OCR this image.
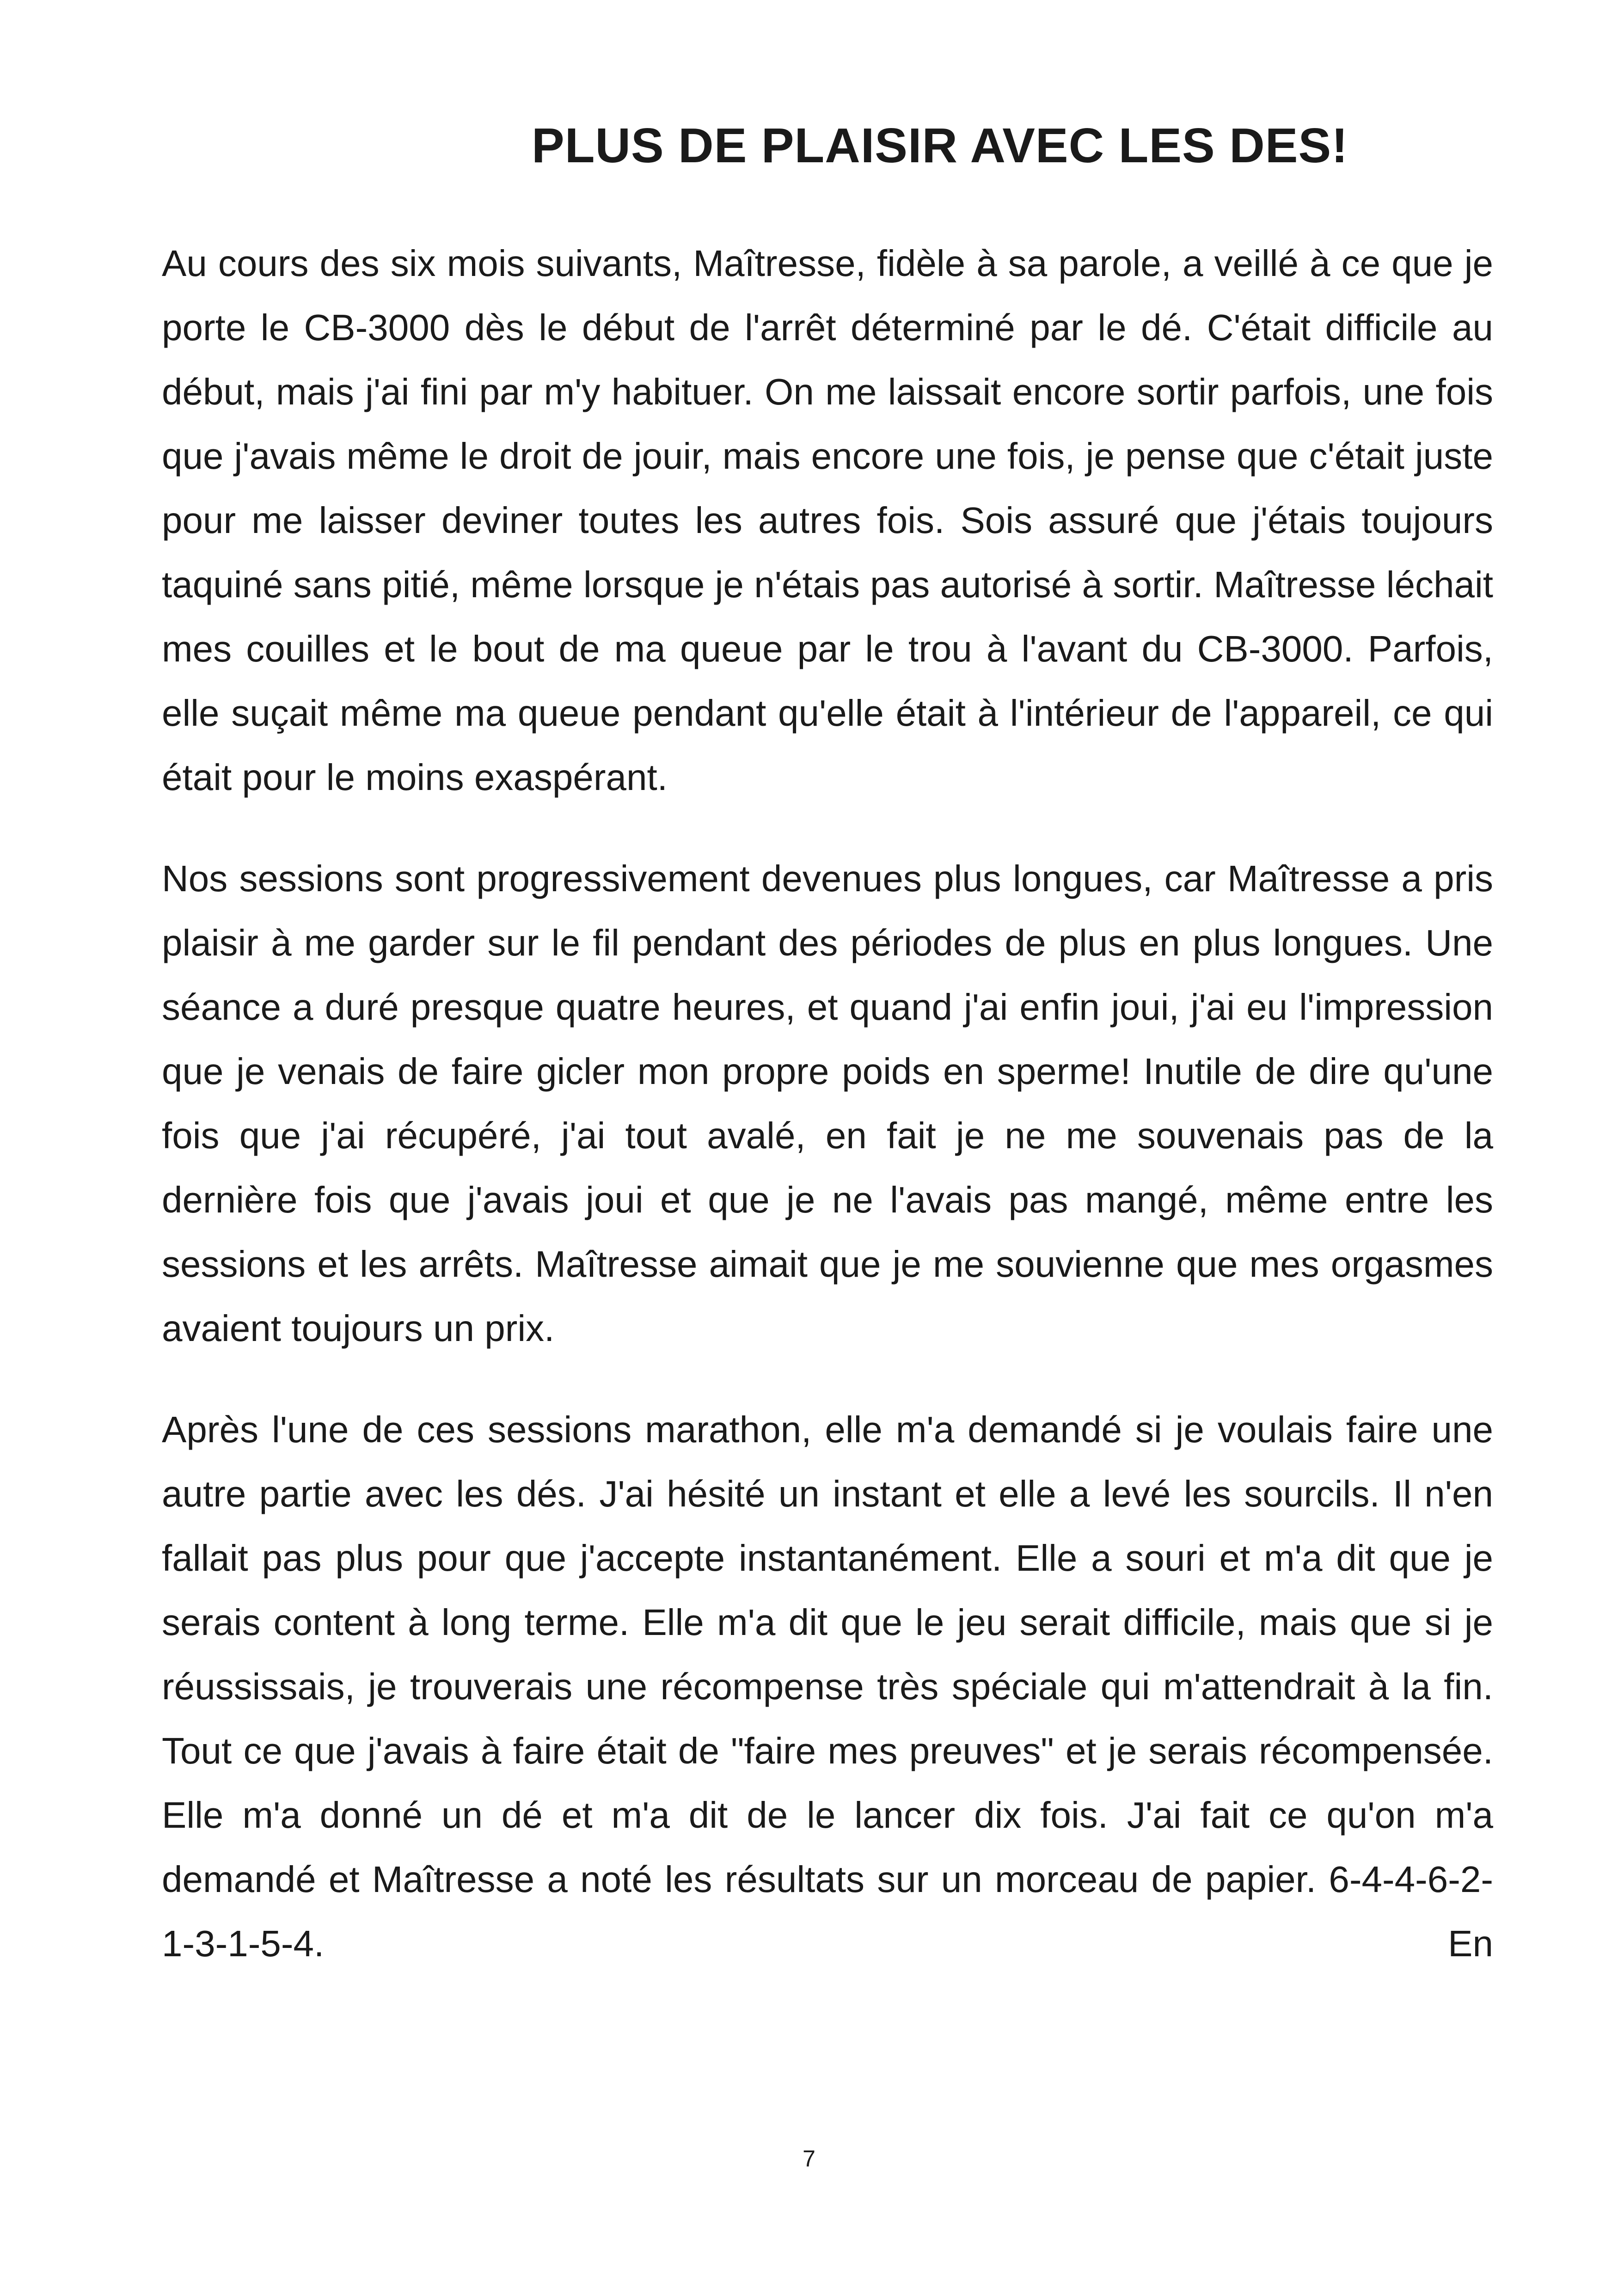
PLUS DE PLAISIR AVEC LES DES!

Au cours des six mois suivants, Maîtresse, fidèle à sa parole, a veillé à ce que je porte le CB-3000 dès le début de l'arrêt déterminé par le dé. C'était difficile au début, mais j'ai fini par m'y habituer. On me laissait encore sortir parfois, une fois que j'avais même le droit de jouir, mais encore une fois, je pense que c'était juste pour me laisser deviner toutes les autres fois. Sois assuré que j'étais toujours taquiné sans pitié, même lorsque je n'étais pas autorisé à sortir. Maîtresse léchait mes couilles et le bout de ma queue par le trou à l'avant du CB-3000. Parfois, elle suçait même ma queue pendant qu'elle était à l'intérieur de l'appareil, ce qui était pour le moins exaspérant.

Nos sessions sont progressivement devenues plus longues, car Maîtresse a pris plaisir à me garder sur le fil pendant des périodes de plus en plus longues. Une séance a duré presque quatre heures, et quand j'ai enfin joui, j'ai eu l'impression que je venais de faire gicler mon propre poids en sperme! Inutile de dire qu'une fois que j'ai récupéré, j'ai tout avalé, en fait je ne me souvenais pas de la dernière fois que j'avais joui et que je ne l'avais pas mangé, même entre les sessions et les arrêts. Maîtresse aimait que je me souvienne que mes orgasmes avaient toujours un prix.

Après l'une de ces sessions marathon, elle m'a demandé si je voulais faire une autre partie avec les dés. J'ai hésité un instant et elle a levé les sourcils. Il n'en fallait pas plus pour que j'accepte instantanément. Elle a souri et m'a dit que je serais content à long terme. Elle m'a dit que le jeu serait difficile, mais que si je réussissais, je trouverais une récompense très spéciale qui m'attendrait à la fin. Tout ce que j'avais à faire était de "faire mes preuves" et je serais récompensée. Elle m'a donné un dé et m'a dit de le lancer dix fois. J'ai fait ce qu'on m'a demandé et Maîtresse a noté les résultats sur un morceau de papier. 6-4-4-6-2-1-3-1-5-4. En

7
